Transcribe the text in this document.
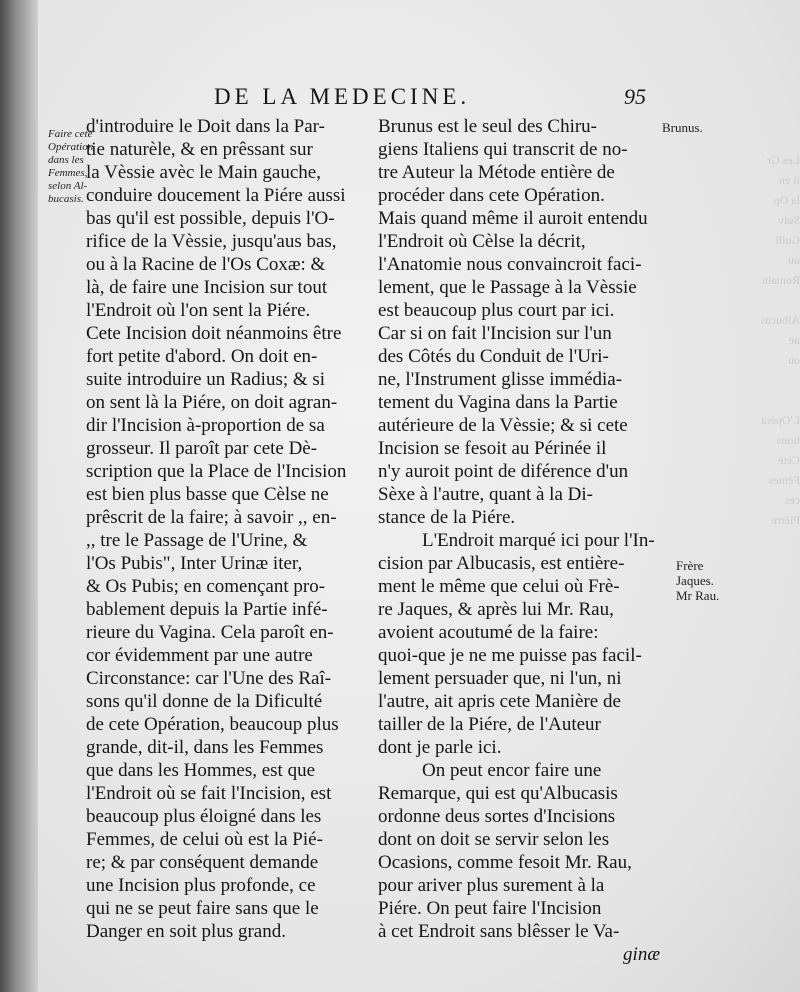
Les Gr
il en
la Op
Suiv
Guill
ou
Romain

Albucas
ne
ou

L'Opéra
tions
Cete
Fèmes
ces
Pièrre
DE LA MEDECINE.	95
Faire cete
Opération
dans les
Femmes,
selon Al-
bucasis.
Brunus.
Frère
Jaques.
Mr Rau.
d'introduire le Doit dans la Par-
tie naturèle, & en prêssant sur
la Vèssie avèc le Main gauche,
conduire doucement la Piére aussi
bas qu'il est possible, depuis l'O-
rifice de la Vèssie, jusqu'aus bas,
ou à la Racine de l'Os Coxæ: &
là, de faire une Incision sur tout
l'Endroit où l'on sent la Piére.
Cete Incision doit néanmoins être
fort petite d'abord. On doit en-
suite introduire un Radius; & si
on sent là la Piére, on doit agran-
dir l'Incision à-proportion de sa
grosseur. Il paroît par cete Dè-
scription que la Place de l'Incision
est bien plus basse que Cèlse ne
prêscrit de la faire; à savoir ,, en-
,, tre le Passage de l'Urine, &
l'Os Pubis", Inter Urinæ iter,
& Os Pubis; en començant pro-
bablement depuis la Partie infé-
rieure du Vagina. Cela paroît en-
cor évidemment par une autre
Circonstance: car l'Une des Raî-
sons qu'il donne de la Dificulté
de cete Opération, beaucoup plus
grande, dit-il, dans les Femmes
que dans les Hommes, est que
l'Endroit où se fait l'Incision, est
beaucoup plus éloigné dans les
Femmes, de celui où est la Pié-
re; & par conséquent demande
une Incision plus profonde, ce
qui ne se peut faire sans que le
Danger en soit plus grand.
Brunus est le seul des Chiru-
giens Italiens qui transcrit de no-
tre Auteur la Métode entière de
procéder dans cete Opération.
Mais quand même il auroit entendu
l'Endroit où Cèlse la décrit,
l'Anatomie nous convaincroit faci-
lement, que le Passage à la Vèssie
est beaucoup plus court par ici.
Car si on fait l'Incision sur l'un
des Côtés du Conduit de l'Uri-
ne, l'Instrument glisse immédia-
tement du Vagina dans la Partie
autérieure de la Vèssie; & si cete
Incision se fesoit au Périnée il
n'y auroit point de diférence d'un
Sèxe à l'autre, quant à la Di-
stance de la Piére.
L'Endroit marqué ici pour l'In-
cision par Albucasis, est entière-
ment le même que celui où Frè-
re Jaques, & après lui Mr. Rau,
avoient acoutumé de la faire:
quoi-que je ne me puisse pas facil-
lement persuader que, ni l'un, ni
l'autre, ait apris cete Manière de
tailler de la Piére, de l'Auteur
dont je parle ici.
On peut encor faire une
Remarque, qui est qu'Albucasis
ordonne deus sortes d'Incisions
dont on doit se servir selon les
Ocasions, comme fesoit Mr. Rau,
pour ariver plus surement à la
Piére. On peut faire l'Incision
à cet Endroit sans blêsser le Va-
ginæ
